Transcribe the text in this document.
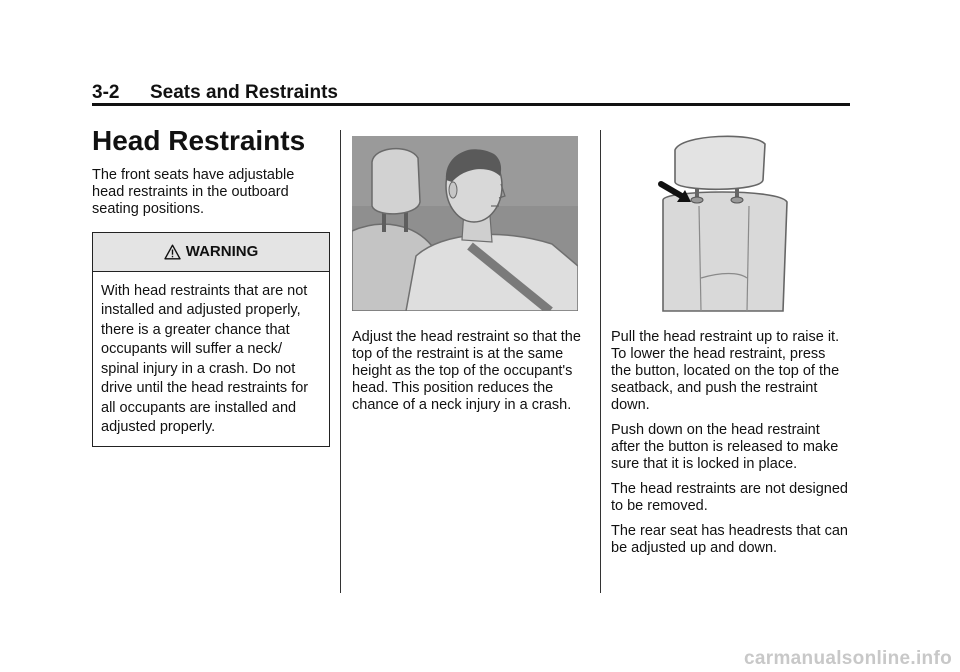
3-2 Seats and Restraints
Head Restraints

The front seats have adjustable head restraints in the outboard seating positions.

WARNING
With head restraints that are not installed and adjusted properly, there is a greater chance that occupants will suffer a neck/ spinal injury in a crash. Do not drive until the head restraints for all occupants are installed and adjusted properly.

Adjust the head restraint so that the top of the restraint is at the same height as the top of the occupant's head. This position reduces the chance of a neck injury in a crash.

Pull the head restraint up to raise it. To lower the head restraint, press the button, located on the top of the seatback, and push the restraint down.

Push down on the head restraint after the button is released to make sure that it is locked in place.

The head restraints are not designed to be removed.

The rear seat has headrests that can be adjusted up and down.

carmanualsonline.info
